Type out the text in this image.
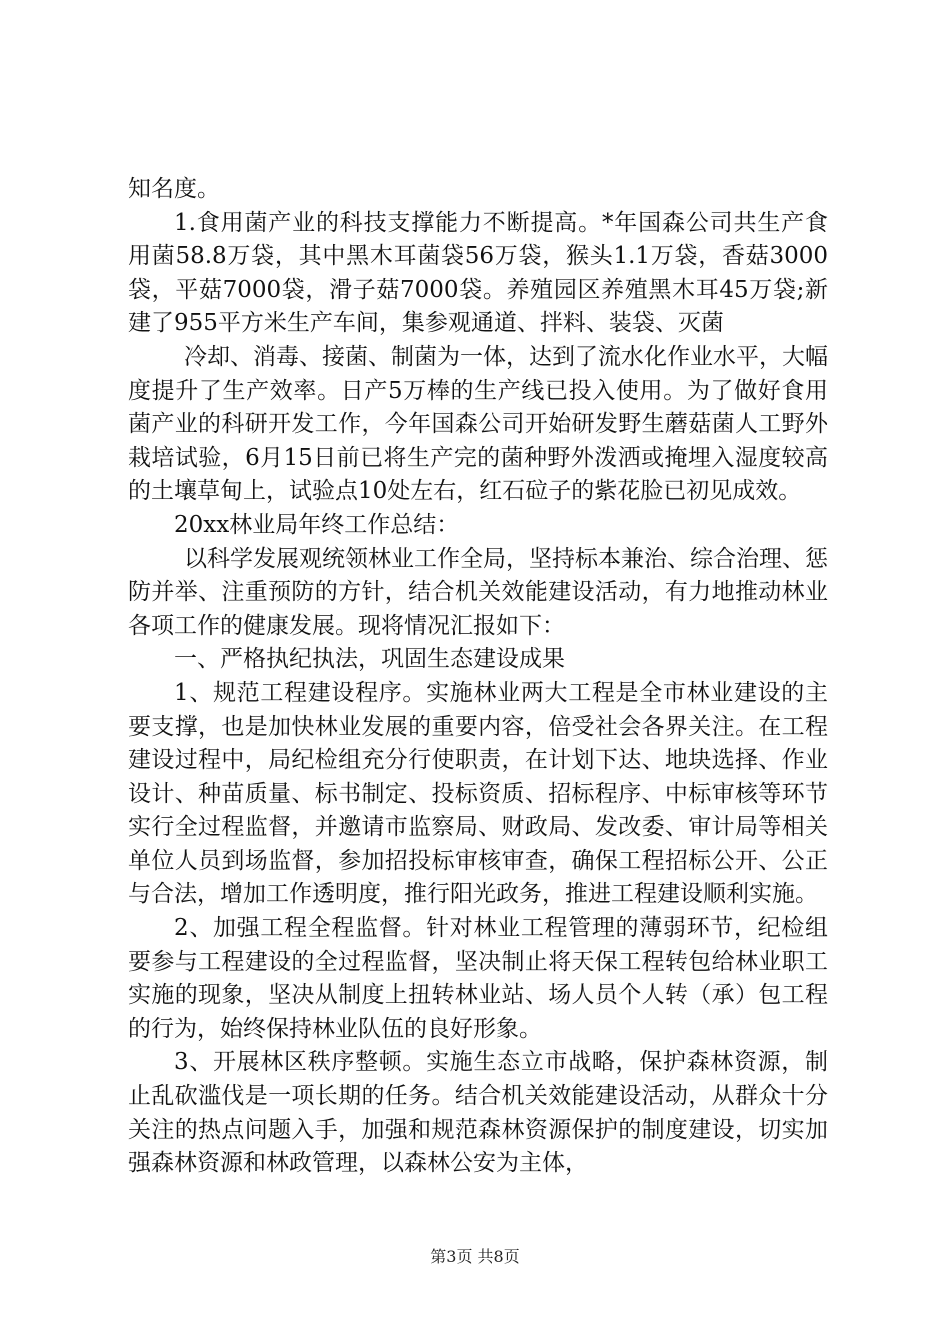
知名度。

1.食用菌产业的科技支撑能力不断提高。*年国森公司共生产食用菌58.8万袋，其中黑木耳菌袋56万袋，猴头1.1万袋，香菇3000袋，平菇7000袋，滑子菇7000袋。养殖园区养殖黑木耳45万袋;新建了955平方米生产车间，集参观通道、拌料、装袋、灭菌

冷却、消毒、接菌、制菌为一体，达到了流水化作业水平，大幅度提升了生产效率。日产5万棒的生产线已投入使用。为了做好食用菌产业的科研开发工作，今年国森公司开始研发野生蘑菇菌人工野外栽培试验，6月15日前已将生产完的菌种野外泼洒或掩埋入湿度较高的土壤草甸上，试验点10处左右，红石砬子的紫花脸已初见成效。

20xx林业局年终工作总结：

以科学发展观统领林业工作全局，坚持标本兼治、综合治理、惩防并举、注重预防的方针，结合机关效能建设活动，有力地推动林业各项工作的健康发展。现将情况汇报如下：

一、严格执纪执法，巩固生态建设成果

1、规范工程建设程序。实施林业两大工程是全市林业建设的主要支撑，也是加快林业发展的重要内容，倍受社会各界关注。在工程建设过程中，局纪检组充分行使职责，在计划下达、地块选择、作业设计、种苗质量、标书制定、投标资质、招标程序、中标审核等环节实行全过程监督，并邀请市监察局、财政局、发改委、审计局等相关单位人员到场监督，参加招投标审核审查，确保工程招标公开、公正与合法，增加工作透明度，推行阳光政务，推进工程建设顺利实施。

2、加强工程全程监督。针对林业工程管理的薄弱环节，纪检组要参与工程建设的全过程监督，坚决制止将天保工程转包给林业职工实施的现象，坚决从制度上扭转林业站、场人员个人转（承）包工程的行为，始终保持林业队伍的良好形象。

3、开展林区秩序整顿。实施生态立市战略，保护森林资源，制止乱砍滥伐是一项长期的任务。结合机关效能建设活动，从群众十分关注的热点问题入手，加强和规范森林资源保护的制度建设，切实加强森林资源和林政管理，以森林公安为主体，

第3页 共8页
